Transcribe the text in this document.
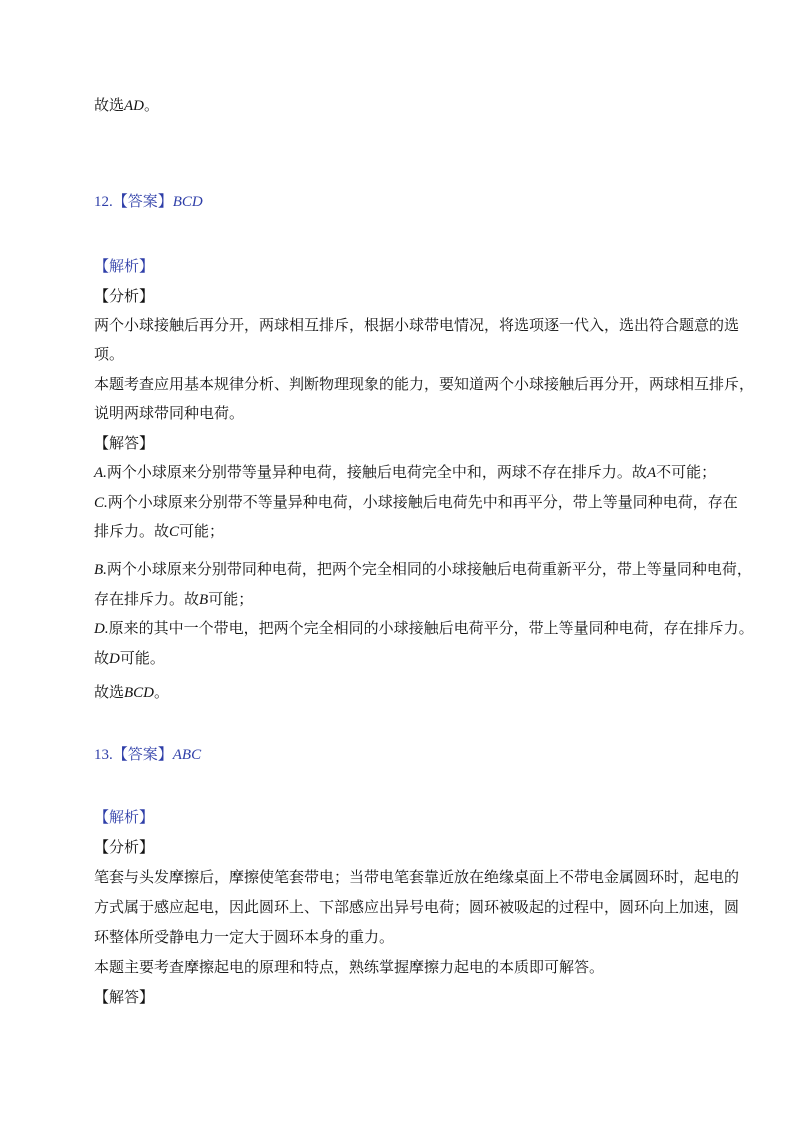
故选AD。
12.【答案】BCD
【解析】
【分析】
两个小球接触后再分开，两球相互排斥，根据小球带电情况，将选项逐一代入，选出符合题意的选
项。
本题考查应用基本规律分析、判断物理现象的能力，要知道两个小球接触后再分开，两球相互排斥，
说明两球带同种电荷。
【解答】
A.两个小球原来分别带等量异种电荷，接触后电荷完全中和，两球不存在排斥力。故A不可能；
C.两个小球原来分别带不等量异种电荷，小球接触后电荷先中和再平分，带上等量同种电荷，存在
排斥力。故C可能；
B.两个小球原来分别带同种电荷，把两个完全相同的小球接触后电荷重新平分，带上等量同种电荷，
存在排斥力。故B可能；
D.原来的其中一个带电，把两个完全相同的小球接触后电荷平分，带上等量同种电荷，存在排斥力。
故D可能。
故选BCD。
13.【答案】ABC
【解析】
【分析】
笔套与头发摩擦后，摩擦使笔套带电；当带电笔套靠近放在绝缘桌面上不带电金属圆环时，起电的
方式属于感应起电，因此圆环上、下部感应出异号电荷；圆环被吸起的过程中，圆环向上加速，圆
环整体所受静电力一定大于圆环本身的重力。
本题主要考查摩擦起电的原理和特点，熟练掌握摩擦力起电的本质即可解答。
【解答】
